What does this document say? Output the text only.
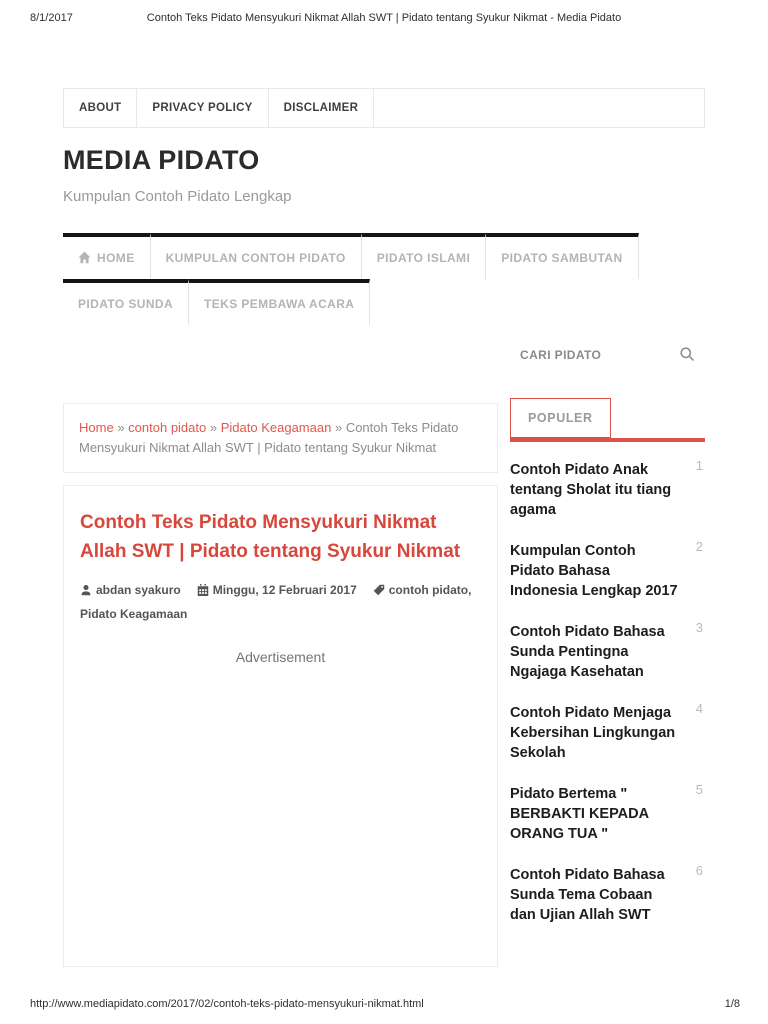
8/1/2017	Contoh Teks Pidato Mensyukuri Nikmat Allah SWT | Pidato tentang Syukur Nikmat - Media Pidato
ABOUT	PRIVACY POLICY	DISCLAIMER
MEDIA PIDATO

Kumpulan Contoh Pidato Lengkap

HOME	KUMPULAN CONTOH PIDATO	PIDATO ISLAMI	PIDATO SAMBUTAN
PIDATO SUNDA	TEKS PEMBAWA ACARA
Home » contoh pidato » Pidato Keagamaan » Contoh Teks Pidato Mensyukuri Nikmat Allah SWT | Pidato tentang Syukur Nikmat
Contoh Teks Pidato Mensyukuri Nikmat Allah SWT | Pidato tentang Syukur Nikmat
abdan syakuro	Minggu, 12 Februari 2017	contoh pidato, Pidato Keagamaan

Advertisement

CARI PIDATO
POPULER
1
Contoh Pidato Anak tentang Sholat itu tiang agama
2
Kumpulan Contoh Pidato Bahasa Indonesia Lengkap 2017
3
Contoh Pidato Bahasa Sunda Pentingna Ngajaga Kasehatan
4
Contoh Pidato Menjaga Kebersihan Lingkungan Sekolah
5
Pidato Bertema " BERBAKTI KEPADA ORANG TUA "
6
Contoh Pidato Bahasa Sunda Tema Cobaan dan Ujian Allah SWT
http://www.mediapidato.com/2017/02/contoh-teks-pidato-mensyukuri-nikmat.html	1/8
